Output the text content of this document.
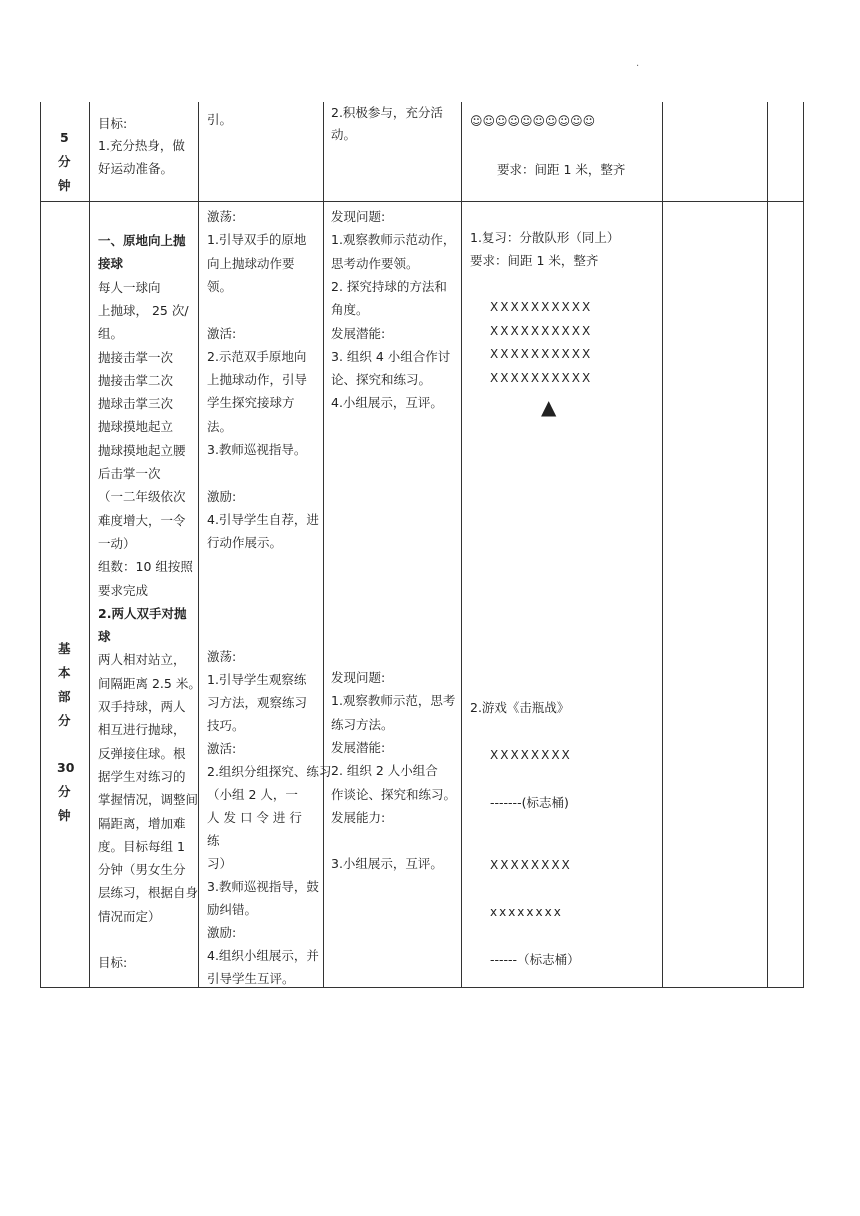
.
5
分
钟
目标:
1.充分热身，做
好运动准备。
引。	2.积极参与，充分活
动。
☺☺☺☺☺☺☺☺☺☺
要求：间距 1 米，整齐
基
本
部
分
30
分
钟
一、原地向上抛
接球
每人一球向
上抛球， 25 次/
组。
抛接击掌一次
抛接击掌二次
抛球击掌三次
抛球摸地起立
抛球摸地起立腰
后击掌一次
（一二年级依次
难度增大，一令
一动）
组数：10 组按照
要求完成
2.两人双手对抛
球
两人相对站立，
间隔距离 2.5 米。
双手持球，两人
相互进行抛球，
反弹接住球。根
据学生对练习的
掌握情况，调整间
隔距离，增加难
度。目标每组 1
分钟（男女生分
层练习，根据自身
情况而定）
目标:
激荡:
1.引导双手的原地
向上抛球动作要
领。
激活:
2.示范双手原地向
上抛球动作，引导
学生探究接球方
法。
3.教师巡视指导。
激励:
4.引导学生自荐，进
行动作展示。
激荡:
1.引导学生观察练
习方法，观察练习
技巧。
激活:
2.组织分组探究、练习
（小组 2 人，一
人 发 口 令 进 行
练
习）
3.教师巡视指导，鼓
励纠错。
激励:
4.组织小组展示，并
引导学生互评。
发现问题:
1.观察教师示范动作，
思考动作要领。
2. 探究持球的方法和
角度。
发展潜能:
3. 组织 4 小组合作讨
论、探究和练习。
4.小组展示，互评。
发现问题:
1.观察教师示范，思考
练习方法。
发展潜能:
2. 组织 2 人小组合
作谈论、探究和练习。
发展能力:
3.小组展示，互评。
1.复习：分散队形（同上）
要求：间距 1 米，整齐
XXXXXXXXXX
XXXXXXXXXX
XXXXXXXXXX
XXXXXXXXXX
▲
2.游戏《击瓶战》
XXXXXXXX
-------(标志桶)
XXXXXXXX
xxxxxxxx
------（标志桶）
